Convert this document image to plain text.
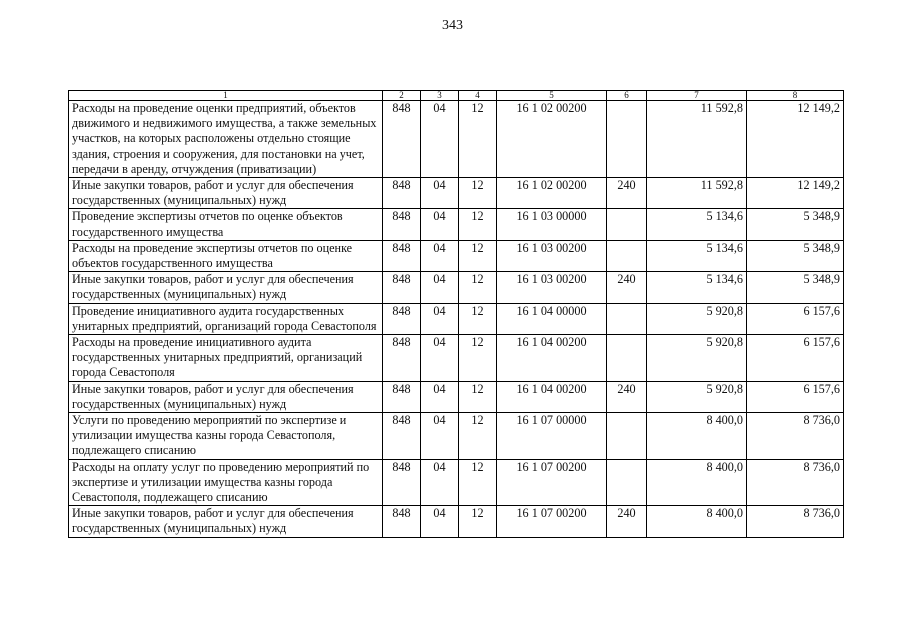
343
1	2	3	4	5	6	7	8
Расходы на проведение оценки предприятий, объектов движимого и недвижимого имущества, а также земельных участков, на которых расположены отдельно стоящие здания, строения и сооружения, для постановки на учет, передачи в аренду, отчуждения (приватизации)	848	04	12	16 1 02 00200		11 592,8	12 149,2
Иные закупки товаров, работ и услуг для обеспечения государственных (муниципальных) нужд	848	04	12	16 1 02 00200	240	11 592,8	12 149,2
Проведение экспертизы отчетов по оценке объектов государственного имущества	848	04	12	16 1 03 00000		5 134,6	5 348,9
Расходы на проведение экспертизы отчетов по оценке объектов государственного имущества	848	04	12	16 1 03 00200		5 134,6	5 348,9
Иные закупки товаров, работ и услуг для обеспечения государственных (муниципальных) нужд	848	04	12	16 1 03 00200	240	5 134,6	5 348,9
Проведение инициативного аудита государственных унитарных предприятий, организаций города Севастополя	848	04	12	16 1 04 00000		5 920,8	6 157,6
Расходы на проведение инициативного аудита государственных унитарных предприятий, организаций города Севастополя	848	04	12	16 1 04 00200		5 920,8	6 157,6
Иные закупки товаров, работ и услуг для обеспечения государственных (муниципальных) нужд	848	04	12	16 1 04 00200	240	5 920,8	6 157,6
Услуги по проведению мероприятий по экспертизе и утилизации имущества казны города Севастополя, подлежащего списанию	848	04	12	16 1 07 00000		8 400,0	8 736,0
Расходы на оплату услуг по проведению мероприятий по экспертизе и утилизации имущества казны города Севастополя, подлежащего списанию	848	04	12	16 1 07 00200		8 400,0	8 736,0
Иные закупки товаров, работ и услуг для обеспечения государственных (муниципальных) нужд	848	04	12	16 1 07 00200	240	8 400,0	8 736,0
